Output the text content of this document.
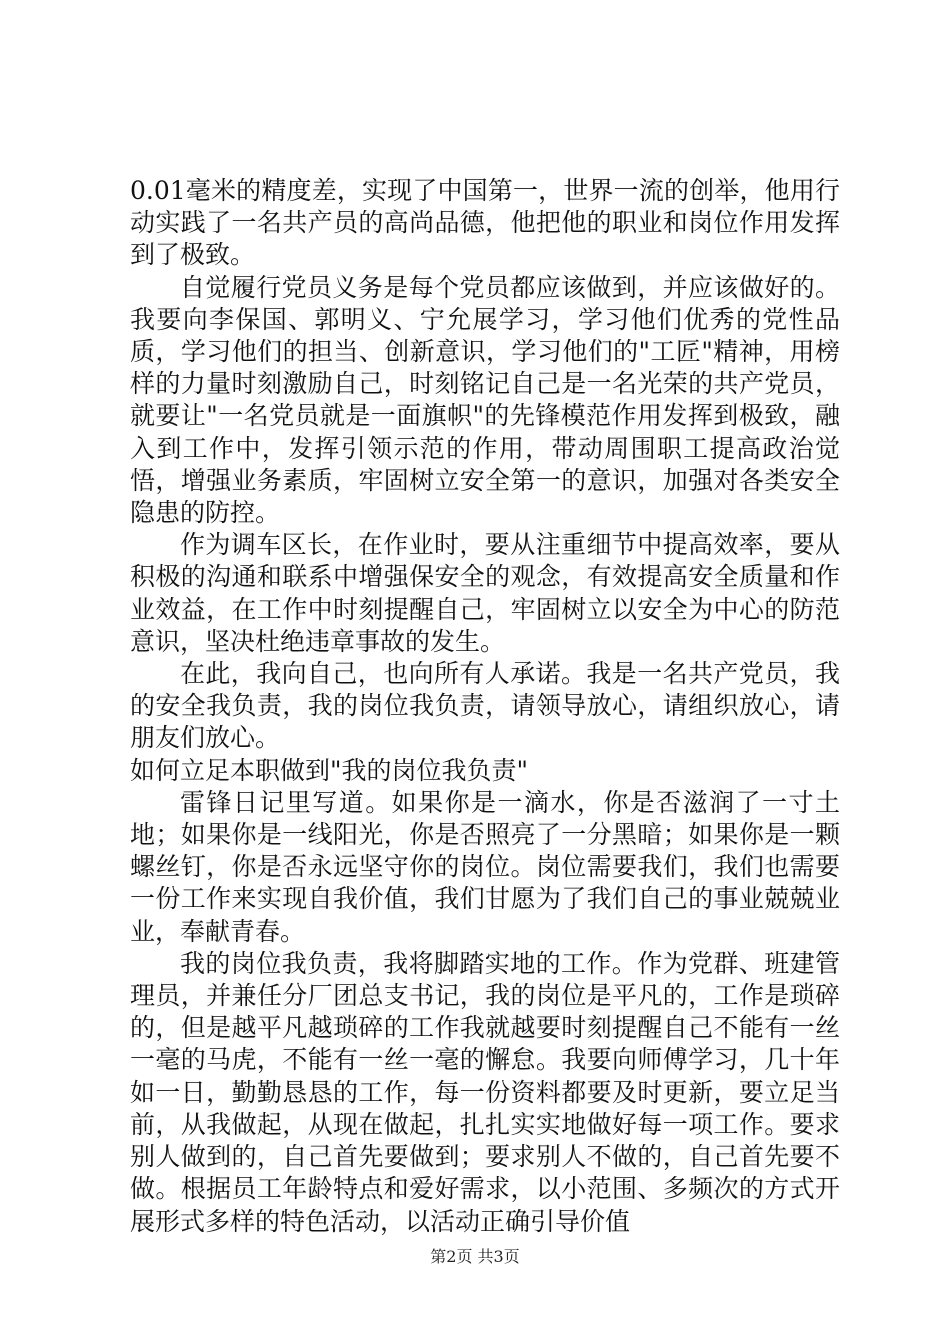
0.01毫米的精度差，实现了中国第一，世界一流的创举，他用行动实践了一名共产员的高尚品德，他把他的职业和岗位作用发挥到了极致。

自觉履行党员义务是每个党员都应该做到，并应该做好的。我要向李保国、郭明义、宁允展学习，学习他们优秀的党性品质，学习他们的担当、创新意识，学习他们的"工匠"精神，用榜样的力量时刻激励自己，时刻铭记自己是一名光荣的共产党员，就要让"一名党员就是一面旗帜"的先锋模范作用发挥到极致，融入到工作中，发挥引领示范的作用，带动周围职工提高政治觉悟，增强业务素质，牢固树立安全第一的意识，加强对各类安全隐患的防控。

作为调车区长，在作业时，要从注重细节中提高效率，要从积极的沟通和联系中增强保安全的观念，有效提高安全质量和作业效益，在工作中时刻提醒自己，牢固树立以安全为中心的防范意识，坚决杜绝违章事故的发生。

在此，我向自己，也向所有人承诺。我是一名共产党员，我的安全我负责，我的岗位我负责，请领导放心，请组织放心，请朋友们放心。

如何立足本职做到"我的岗位我负责"

雷锋日记里写道。如果你是一滴水，你是否滋润了一寸土地；如果你是一线阳光，你是否照亮了一分黑暗；如果你是一颗螺丝钉，你是否永远坚守你的岗位。岗位需要我们，我们也需要一份工作来实现自我价值，我们甘愿为了我们自己的事业兢兢业业，奉献青春。

我的岗位我负责，我将脚踏实地的工作。作为党群、班建管理员，并兼任分厂团总支书记，我的岗位是平凡的，工作是琐碎的，但是越平凡越琐碎的工作我就越要时刻提醒自己不能有一丝一毫的马虎，不能有一丝一毫的懈怠。我要向师傅学习，几十年如一日，勤勤恳恳的工作，每一份资料都要及时更新，要立足当前，从我做起，从现在做起，扎扎实实地做好每一项工作。要求别人做到的，自己首先要做到；要求别人不做的，自己首先要不做。根据员工年龄特点和爱好需求，以小范围、多频次的方式开展形式多样的特色活动，以活动正确引导价值

第2页 共3页
